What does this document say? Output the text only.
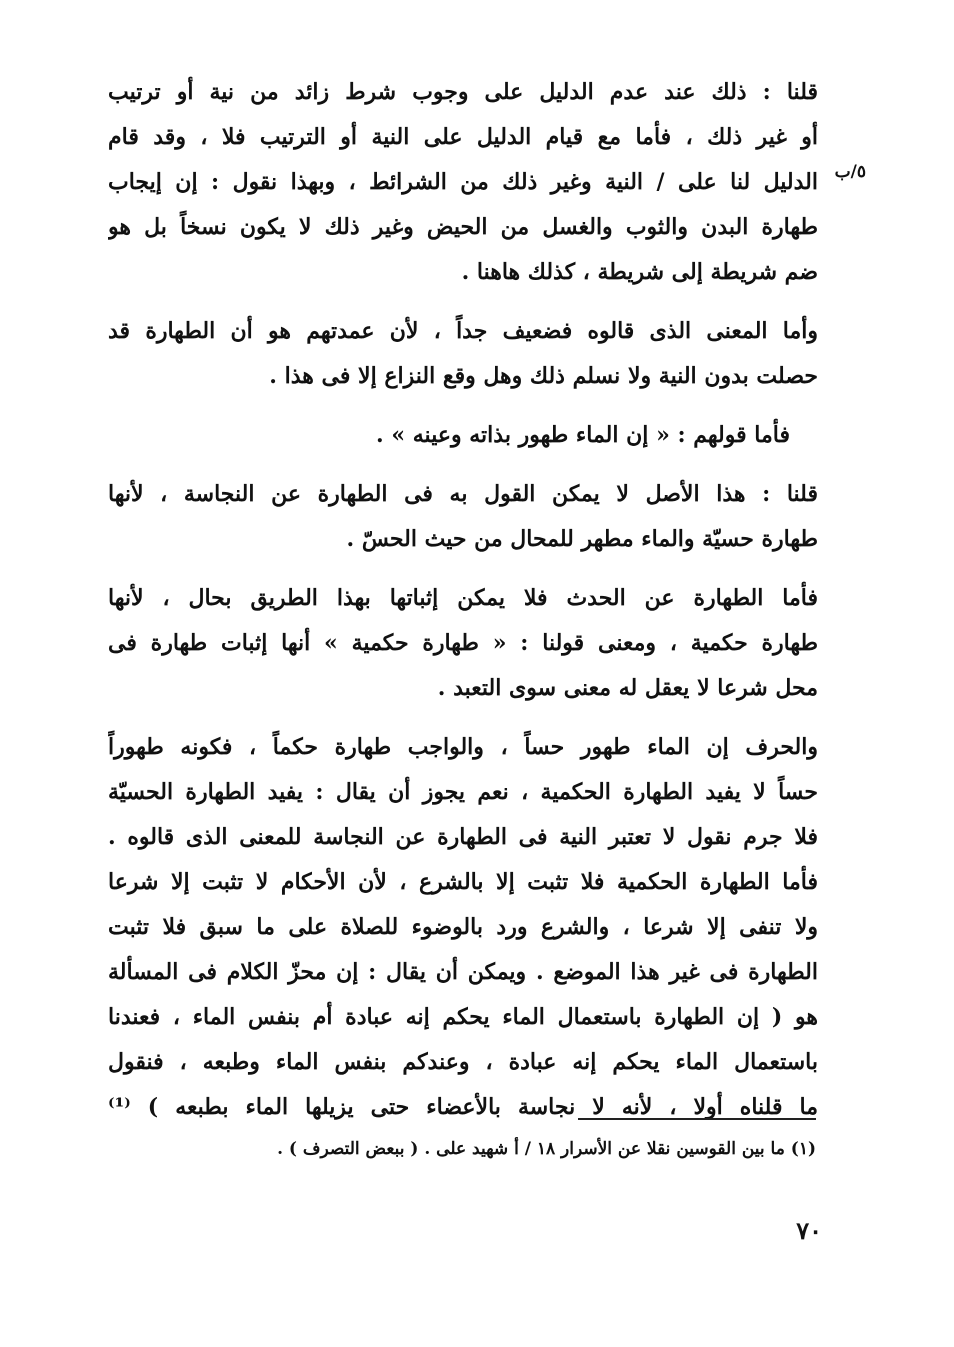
٥/ب
قلنا : ذلك عند عدم الدليل على وجوب شرط زائد من نية أو ترتيب
أو غير ذلك ، فأما مع قيام الدليل على النية أو الترتيب فلا ، وقد قام
الدليل لنا على / النية وغير ذلك من الشرائط ، وبهذا نقول : إن إيجاب
طهارة البدن والثوب والغسل من الحيض وغير ذلك لا يكون نسخاً بل هو
ضم شريطة إلى شريطة ، كذلك هاهنا .
وأما المعنى الذى قالوه فضعيف جداً ، لأن عمدتهم هو أن الطهارة قد
حصلت بدون النية ولا نسلم ذلك وهل وقع النزاع إلا فى هذا .
فأما قولهم : « إن الماء طهور بذاته وعينه » .
قلنا : هذا الأصل لا يمكن القول به فى الطهارة عن النجاسة ، لأنها
طهارة حسيّة والماء مطهر للمحال من حيث الحسّ .
فأما الطهارة عن الحدث فلا يمكن إثباتها بهذا الطريق بحال ، لأنها
طهارة حكمية ، ومعنى قولنا : « طهارة حكمية » أنها إثبات طهارة فى
محل شرعا لا يعقل له معنى سوى التعبد .
والحرف إن الماء طهور حساً ، والواجب طهارة حكماً ، فكونه طهوراً
حساً لا يفيد الطهارة الحكمية ، نعم يجوز أن يقال : يفيد الطهارة الحسيّة
فلا جرم نقول لا تعتبر النية فى الطهارة عن النجاسة للمعنى الذى قالوه .
فأما الطهارة الحكمية فلا تثبت إلا بالشرع ، لأن الأحكام لا تثبت إلا شرعا
ولا تنفى إلا شرعا ، والشرع ورد بالوضوء للصلاة على ما سبق فلا تثبت
الطهارة فى غير هذا الموضع . ويمكن أن يقال : إن محزّ الكلام فى المسألة
هو ( إن الطهارة باستعمال الماء يحكم إنه عبادة أم بنفس الماء ، فعندنا
باستعمال الماء يحكم إنه عبادة ، وعندكم بنفس الماء وطبعه ، فنقول
ما قلناه أولا ، لأنه لا نجاسة بالأعضاء حتى يزيلها الماء بطبعه ) ⁽¹⁾
(١) ما بين القوسين نقلا عن الأسرار ١٨ / أ شهيد على . ( ببعض التصرف ) .
٧٠
